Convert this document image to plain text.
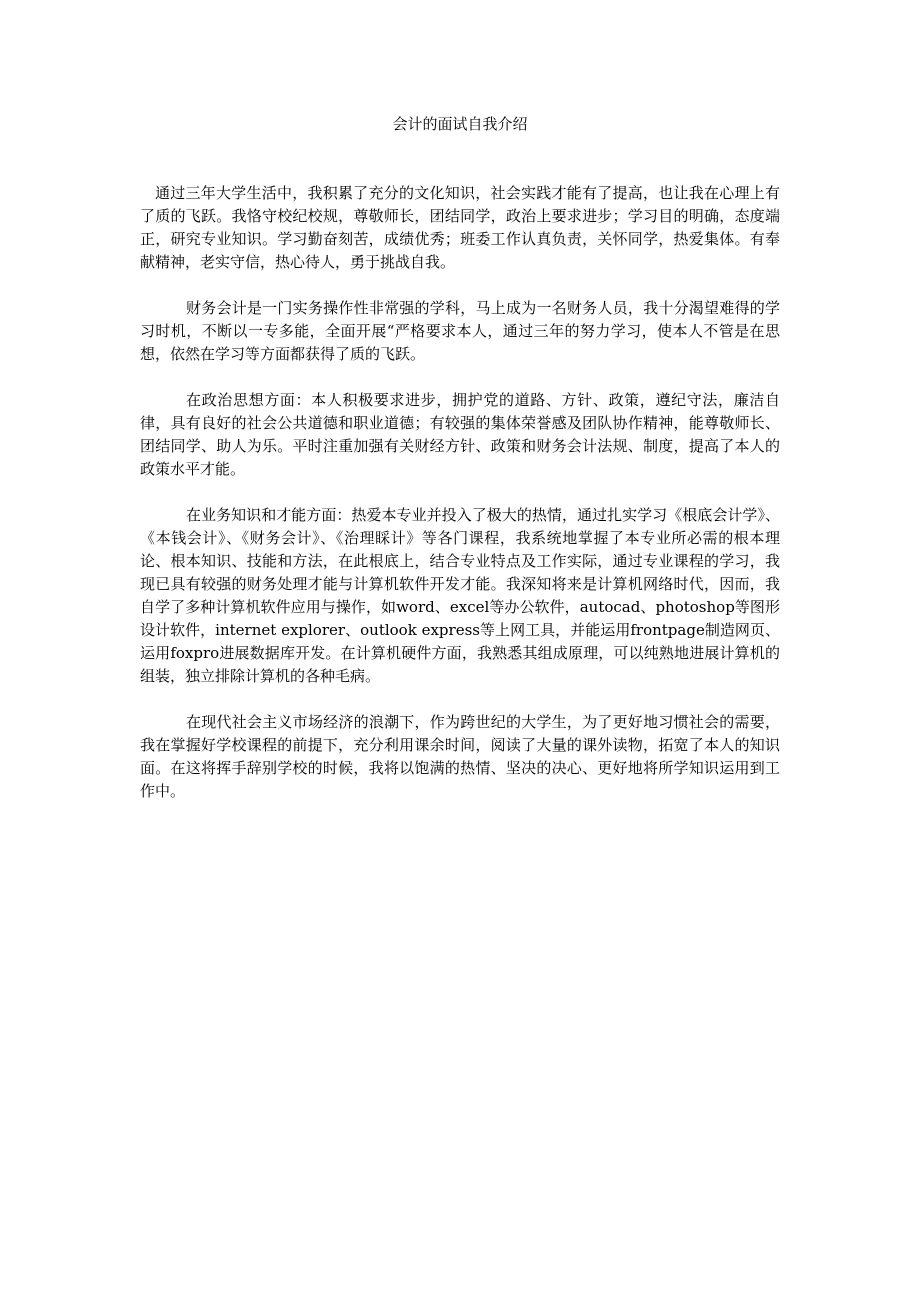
会计的面试自我介绍

通过三年大学生活中，我积累了充分的文化知识，社会实践才能有了提高，也让我在心理上有了质的飞跃。我恪守校纪校规，尊敬师长，团结同学，政治上要求进步；学习目的明确，态度端正，研究专业知识。学习勤奋刻苦，成绩优秀；班委工作认真负责，关怀同学，热爱集体。有奉献精神，老实守信，热心待人，勇于挑战自我。

财务会计是一门实务操作性非常强的学科，马上成为一名财务人员，我十分渴望难得的学习时机，不断以一专多能，全面开展“严格要求本人，通过三年的努力学习，使本人不管是在思想，依然在学习等方面都获得了质的飞跃。

在政治思想方面：本人积极要求进步，拥护党的道路、方针、政策，遵纪守法，廉洁自律，具有良好的社会公共道德和职业道德；有较强的集体荣誉感及团队协作精神，能尊敬师长、团结同学、助人为乐。平时注重加强有关财经方针、政策和财务会计法规、制度，提高了本人的政策水平才能。

在业务知识和才能方面：热爱本专业并投入了极大的热情，通过扎实学习《根底会计学》、《本钱会计》、《财务会计》、《治理睬计》等各门课程，我系统地掌握了本专业所必需的根本理论、根本知识、技能和方法，在此根底上，结合专业特点及工作实际，通过专业课程的学习，我现已具有较强的财务处理才能与计算机软件开发才能。我深知将来是计算机网络时代，因而，我自学了多种计算机软件应用与操作，如word、excel等办公软件，autocad、photoshop等图形设计软件，internet explorer、outlook express等上网工具，并能运用frontpage制造网页、运用foxpro进展数据库开发。在计算机硬件方面，我熟悉其组成原理，可以纯熟地进展计算机的组装，独立排除计算机的各种毛病。

在现代社会主义市场经济的浪潮下，作为跨世纪的大学生，为了更好地习惯社会的需要，我在掌握好学校课程的前提下，充分利用课余时间，阅读了大量的课外读物，拓宽了本人的知识面。在这将挥手辞别学校的时候，我将以饱满的热情、坚决的决心、更好地将所学知识运用到工作中。
